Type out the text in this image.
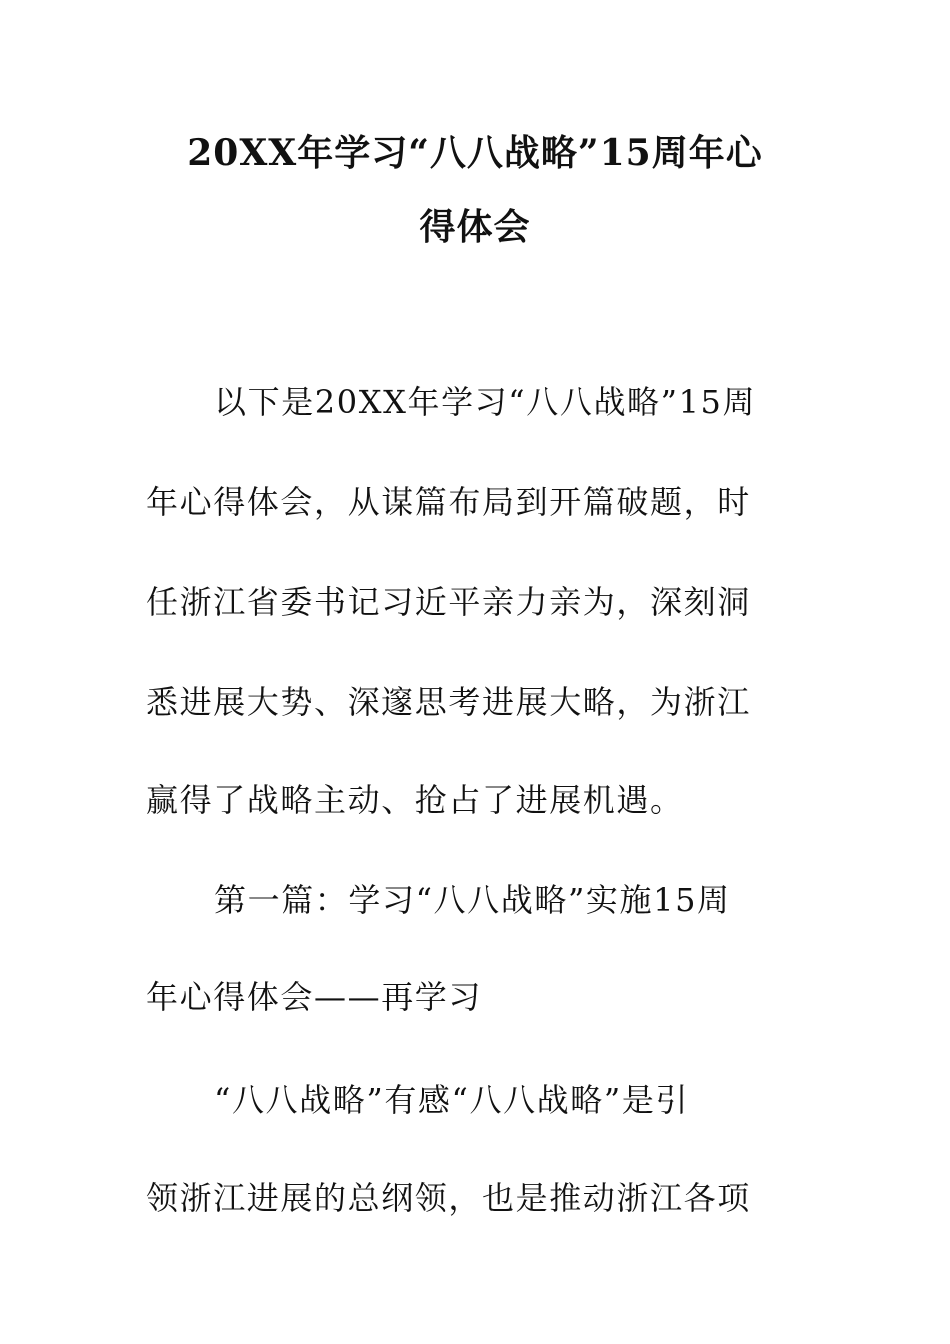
20XX年学习“八八战略”15周年心
得体会
以下是20XX年学习“八八战略”15周
年心得体会，从谋篇布局到开篇破题，时
任浙江省委书记习近平亲力亲为，深刻洞
悉进展大势、深邃思考进展大略，为浙江
赢得了战略主动、抢占了进展机遇。
第一篇：学习“八八战略”实施15周
年心得体会——再学习
“八八战略”有感“八八战略”是引
领浙江进展的总纲领，也是推动浙江各项
